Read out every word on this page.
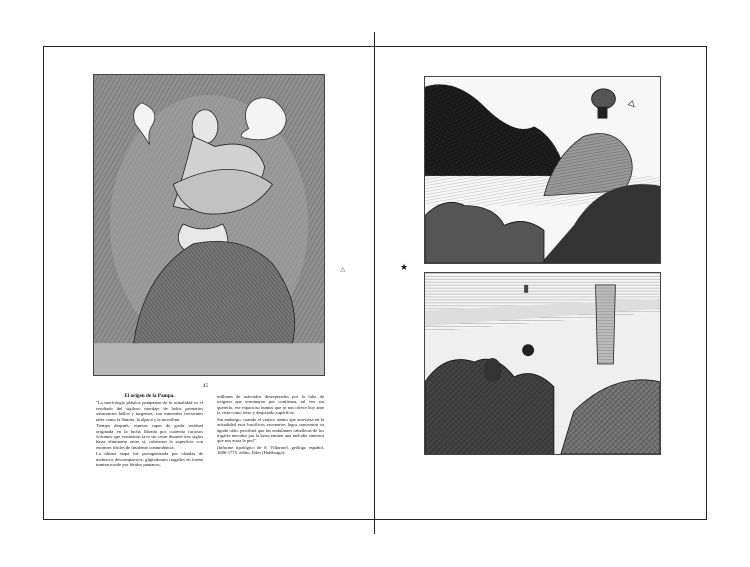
◬
45
El origen de la Pampa.

"La morfología plástica pampeana de la actualidad es el resultado del sigiloso mordaje de lodos primarios susurrantes bellos y turgentes, con minerales frecuentes tales como la llamita, la alpaca y la morsilina.

Tiempo después, espesas capas de greda residual originada en la lucha librada por cuarenta furiosos volcanes que vomitaron lava sin cesar durante tres siglos hasta eliminarse entre sí, cubrieron la superficie con enormes fósiles de insolente contundencia.

La última etapa fué protagonizada por oleadas de moluscos descompuestos, gliptodontes tragados en forma inmisericorde por fétidos pantanos,

millones de arácnidos desesperados por la falta de oxígeno que terminaron por confirmar, tal vez sin quererlo, ese espacioso humus que se nos ofrece hoy ante la vista como terso y despejado superficie.

Sin embargo, cuando el viajero atento que atraviesa en la actualidad esos bucólicos escenarios logra concentrar su agudo oído, percibirá que las ondulantes cabelleras de los trigales mecidos por la brisa emiten una melodía siniestra que nos eriza la piel".

(Informe tipológico de S. Villarruel, geólogo español, 1686-1775, editio, Ibles (Haleburgo).

★
